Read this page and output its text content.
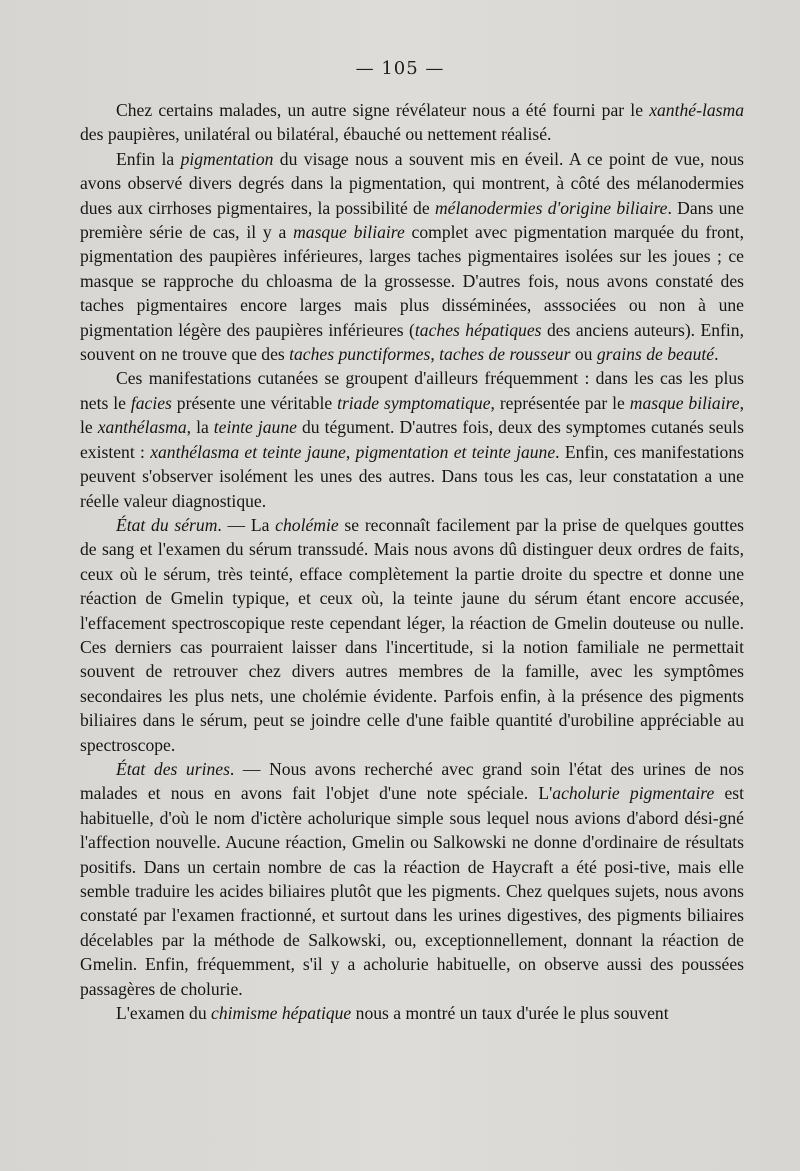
— 105 —

Chez certains malades, un autre signe révélateur nous a été fourni par le xanthé-lasma des paupières, unilatéral ou bilatéral, ébauché ou nettement réalisé.

Enfin la pigmentation du visage nous a souvent mis en éveil. A ce point de vue, nous avons observé divers degrés dans la pigmentation, qui montrent, à côté des mélanodermies dues aux cirrhoses pigmentaires, la possibilité de mélanodermies d'origine biliaire. Dans une première série de cas, il y a masque biliaire complet avec pigmentation marquée du front, pigmentation des paupières inférieures, larges taches pigmentaires isolées sur les joues ; ce masque se rapproche du chloasma de la grossesse. D'autres fois, nous avons constaté des taches pigmentaires encore larges mais plus disséminées, asssociées ou non à une pigmentation légère des paupières inférieures (taches hépatiques des anciens auteurs). Enfin, souvent on ne trouve que des taches punctiformes, taches de rousseur ou grains de beauté.

Ces manifestations cutanées se groupent d'ailleurs fréquemment : dans les cas les plus nets le facies présente une véritable triade symptomatique, représentée par le masque biliaire, le xanthélasma, la teinte jaune du tégument. D'autres fois, deux des symptomes cutanés seuls existent : xanthélasma et teinte jaune, pigmentation et teinte jaune. Enfin, ces manifestations peuvent s'observer isolément les unes des autres. Dans tous les cas, leur constatation a une réelle valeur diagnostique.

État du sérum. — La cholémie se reconnaît facilement par la prise de quelques gouttes de sang et l'examen du sérum transsudé. Mais nous avons dû distinguer deux ordres de faits, ceux où le sérum, très teinté, efface complètement la partie droite du spectre et donne une réaction de Gmelin typique, et ceux où, la teinte jaune du sérum étant encore accusée, l'effacement spectroscopique reste cependant léger, la réaction de Gmelin douteuse ou nulle. Ces derniers cas pourraient laisser dans l'incertitude, si la notion familiale ne permettait souvent de retrouver chez divers autres membres de la famille, avec les symptômes secondaires les plus nets, une cholémie évidente. Parfois enfin, à la présence des pigments biliaires dans le sérum, peut se joindre celle d'une faible quantité d'urobiline appréciable au spectroscope.

État des urines. — Nous avons recherché avec grand soin l'état des urines de nos malades et nous en avons fait l'objet d'une note spéciale. L'acholurie pigmentaire est habituelle, d'où le nom d'ictère acholurique simple sous lequel nous avions d'abord dési-gné l'affection nouvelle. Aucune réaction, Gmelin ou Salkowski ne donne d'ordinaire de résultats positifs. Dans un certain nombre de cas la réaction de Haycraft a été posi-tive, mais elle semble traduire les acides biliaires plutôt que les pigments. Chez quelques sujets, nous avons constaté par l'examen fractionné, et surtout dans les urines digestives, des pigments biliaires décelables par la méthode de Salkowski, ou, exceptionnellement, donnant la réaction de Gmelin. Enfin, fréquemment, s'il y a acholurie habituelle, on observe aussi des poussées passagères de cholurie.

L'examen du chimisme hépatique nous a montré un taux d'urée le plus souvent
